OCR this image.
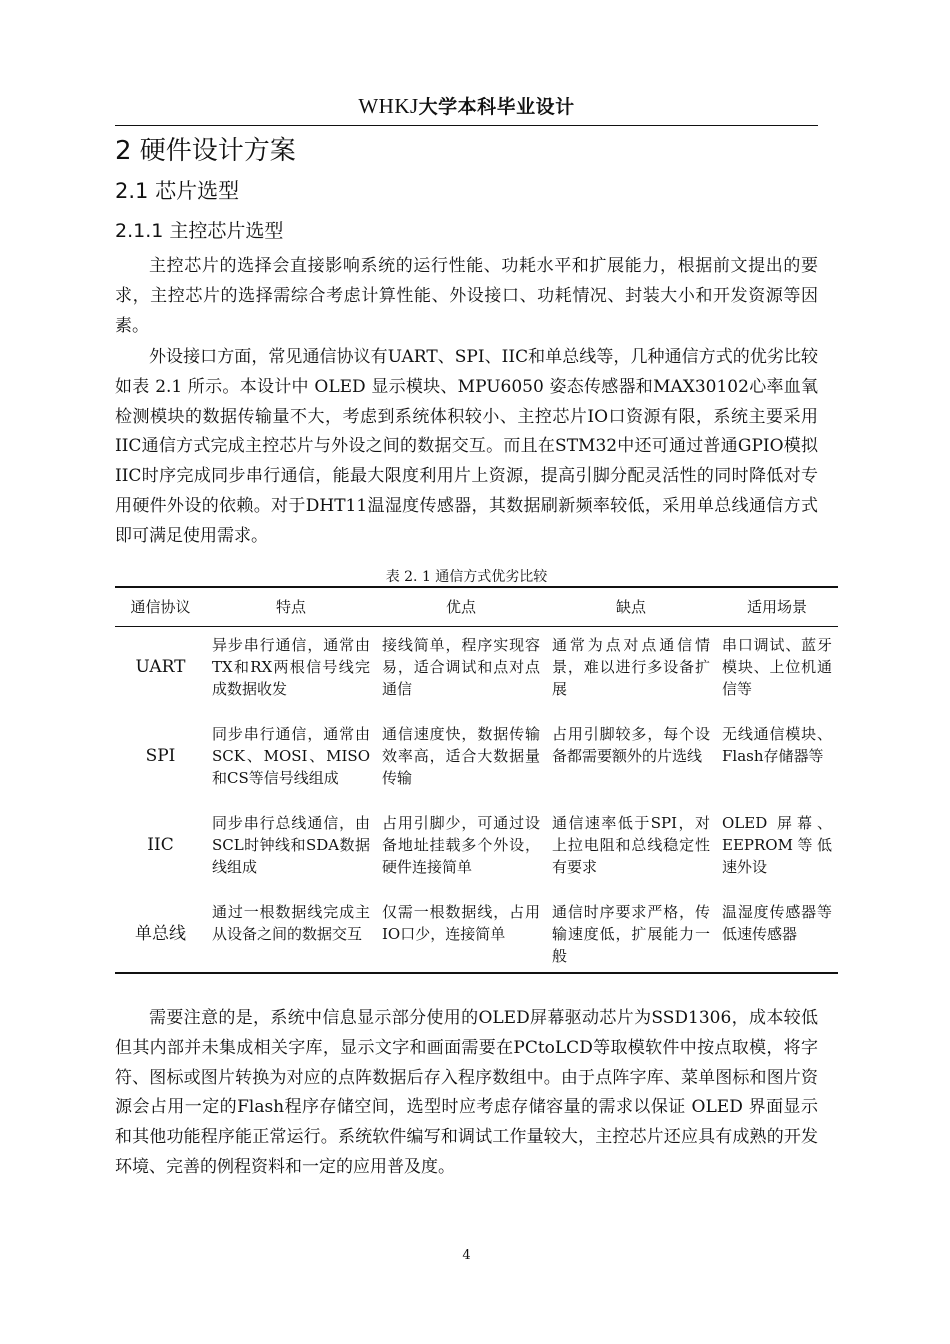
WHKJ大学本科毕业设计
2 硬件设计方案
2.1 芯片选型
2.1.1 主控芯片选型

主控芯片的选择会直接影响系统的运行性能、功耗水平和扩展能力，根据前文提出的要求，主控芯片的选择需综合考虑计算性能、外设接口、功耗情况、封装大小和开发资源等因素。

外设接口方面，常见通信协议有UART、SPI、IIC和单总线等，几种通信方式的优劣比较如表 2.1 所示。本设计中 OLED 显示模块、MPU6050 姿态传感器和MAX30102心率血氧检测模块的数据传输量不大，考虑到系统体积较小、主控芯片IO口资源有限，系统主要采用IIC通信方式完成主控芯片与外设之间的数据交互。而且在STM32中还可通过普通GPIO模拟IIC时序完成同步串行通信，能最大限度利用片上资源，提高引脚分配灵活性的同时降低对专用硬件外设的依赖。对于DHT11温湿度传感器，其数据刷新频率较低，采用单总线通信方式即可满足使用需求。

表 2. 1 通信方式优劣比较
通信协议	特点	优点	缺点	适用场景
UART	异步串行通信，通常由TX和RX两根信号线完成数据收发	接线简单，程序实现容易，适合调试和点对点通信	通常为点对点通信情景，难以进行多设备扩展	串口调试、蓝牙模块、上位机通信等
SPI	同步串行通信，通常由SCK、MOSI、MISO和CS等信号线组成	通信速度快，数据传输效率高，适合大数据量传输	占用引脚较多，每个设备都需要额外的片选线	无线通信模块、Flash存储器等
IIC	同步串行总线通信，由SCL时钟线和SDA数据线组成	占用引脚少，可通过设备地址挂载多个外设，硬件连接简单	通信速率低于SPI，对上拉电阻和总线稳定性有要求	OLED 屏幕、EEPROM等低速外设
单总线	通过一根数据线完成主从设备之间的数据交互	仅需一根数据线，占用IO口少，连接简单	通信时序要求严格，传输速度低，扩展能力一般	温湿度传感器等低速传感器

需要注意的是，系统中信息显示部分使用的OLED屏幕驱动芯片为SSD1306，成本较低但其内部并未集成相关字库，显示文字和画面需要在PCtoLCD等取模软件中按点取模，将字符、图标或图片转换为对应的点阵数据后存入程序数组中。由于点阵字库、菜单图标和图片资源会占用一定的Flash程序存储空间，选型时应考虑存储容量的需求以保证 OLED 界面显示和其他功能程序能正常运行。系统软件编写和调试工作量较大，主控芯片还应具有成熟的开发环境、完善的例程资料和一定的应用普及度。

4
